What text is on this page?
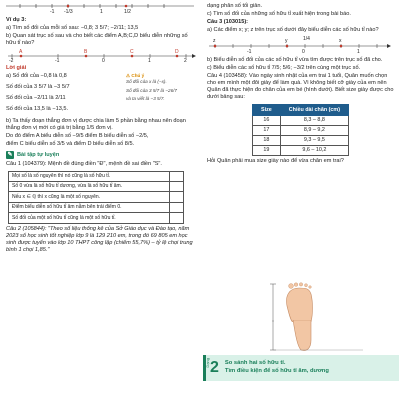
-1 -1/3	1	1/2
Ví dụ 3:
a) Tìm số đối của mỗi số sau: −0,8; 3 5/7; −2/11; 13,5
b) Quan sát trục số sau và cho biết các điểm A,B;C,D biểu diễn những số hữu tỉ nào?
A	B	C	D
-2	-1	0	1	2
Lời giải
a) Số đối của −0,8 là 0,8
Số đối của 3 5/7 là −3 5/7
Số đối của −2/11 là 2/11
Số đối của 13,5 là −13,5.
⚠ Chú ý
Số đối của x là (−x).
Số đối của 3 5/7 là −26/7
và ta viết là −3 5/7.
b) Ta thấy đoạn thẳng đơn vị được chia làm 5 phần bằng nhau nên đoạn thẳng đơn vị mới có giá trị bằng 1/5 đơn vị.
Do đó điểm A biểu diễn số −9/5 điểm B biểu diễn số −2/5,
điểm C biểu diễn số 3/5 và điểm D biểu diễn số 8/5.
✎ Bài tập tự luyện
Câu 1 (104379): Mệnh đề đúng điền "Đ", mệnh đề sai điền "S".
Mọi số là số nguyên thì nó cũng là số hữu tỉ.	
Số 0 vừa là số hữu tỉ dương, vừa là số hữu tỉ âm.	
Nếu x ∈ ℚ thì x cũng là một số nguyên.	
Điểm biểu diễn số hữu tỉ âm nằm bên trái điểm 0.	
Số đối của một số hữu tỉ cũng là một số hữu tỉ.	
Câu 2 (105844): "Theo số liệu thống kê của Sở Giáo dục và Đào tạo, năm 2023 số học sinh tốt nghiệp lớp 9 là 129 210 em, trong đó 69 805 em học sinh được tuyển vào lớp 10 THPT công lập (chiếm 55,7%) – tỷ lệ chọi trung bình 1 chọi 1,85."
dạng phân số tối giản.
c) Tìm số đối của những số hữu tỉ xuất hiện trong bài báo.
Câu 3 (103015):
a) Các điểm x; y; z trên trục số dưới đây biểu diễn các số hữu tỉ nào?
z	y	x
1/4
-1	0	1
b) Biểu diễn số đối của các số hữu tỉ vừa tìm được trên trục số đã cho.
c) Biểu diễn các số hữu tỉ 7/5; 5/6; −3/2 trên cùng một trục số.
Câu 4 (103458): Vào ngày sinh nhật của em trai 1 tuổi, Quân muốn chọn cho em mình một đôi giày để làm quà. Vì không biết cỡ giày của em nên Quân đã thực hiện đo chân của em bé (hình dưới). Biết size giày được cho dưới bảng sau:
Size	Chiều dài chân (cm)
16	8,3 – 8,8
17	8,9 – 9,2
18	9,3 – 9,5
19	9,6 – 10,2
Hỏi Quân phải mua size giày nào để vừa chân em trai?
Dạng 2 So sánh hai số hữu tỉ.
Tìm điều kiện để số hữu tỉ âm, dương
